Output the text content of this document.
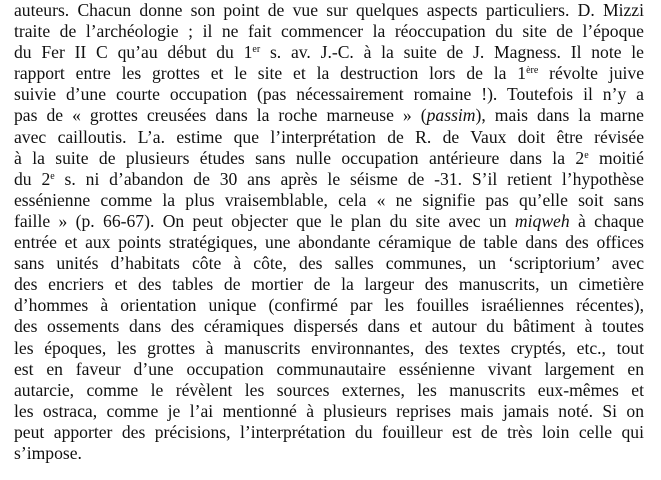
auteurs. Chacun donne son point de vue sur quelques aspects particuliers. D. Mizzi
traite de l’archéologie ; il ne fait commencer la réoccupation du site de l’époque
du Fer II C qu’au début du 1er s. av. J.-C. à la suite de J. Magness. Il note le
rapport entre les grottes et le site et la destruction lors de la 1ère révolte juive
suivie d’une courte occupation (pas nécessairement romaine !). Toutefois il n’y a
pas de « grottes creusées dans la roche marneuse » (passim), mais dans la marne
avec cailloutis. L’a. estime que l’interprétation de R. de Vaux doit être révisée
à la suite de plusieurs études sans nulle occupation antérieure dans la 2e moitié
du 2e s. ni d’abandon de 30 ans après le séisme de -31. S’il retient l’hypothèse
essénienne comme la plus vraisemblable, cela « ne signifie pas qu’elle soit sans
faille » (p. 66-67). On peut objecter que le plan du site avec un miqweh à chaque
entrée et aux points stratégiques, une abondante céramique de table dans des offices
sans unités d’habitats côte à côte, des salles communes, un ‘scriptorium’ avec
des encriers et des tables de mortier de la largeur des manuscrits, un cimetière
d’hommes à orientation unique (confirmé par les fouilles israéliennes récentes),
des ossements dans des céramiques dispersés dans et autour du bâtiment à toutes
les époques, les grottes à manuscrits environnantes, des textes cryptés, etc., tout
est en faveur d’une occupation communautaire essénienne vivant largement en
autarcie, comme le révèlent les sources externes, les manuscrits eux-mêmes et
les ostraca, comme je l’ai mentionné à plusieurs reprises mais jamais noté. Si on
peut apporter des précisions, l’interprétation du fouilleur est de très loin celle qui
s’impose.
